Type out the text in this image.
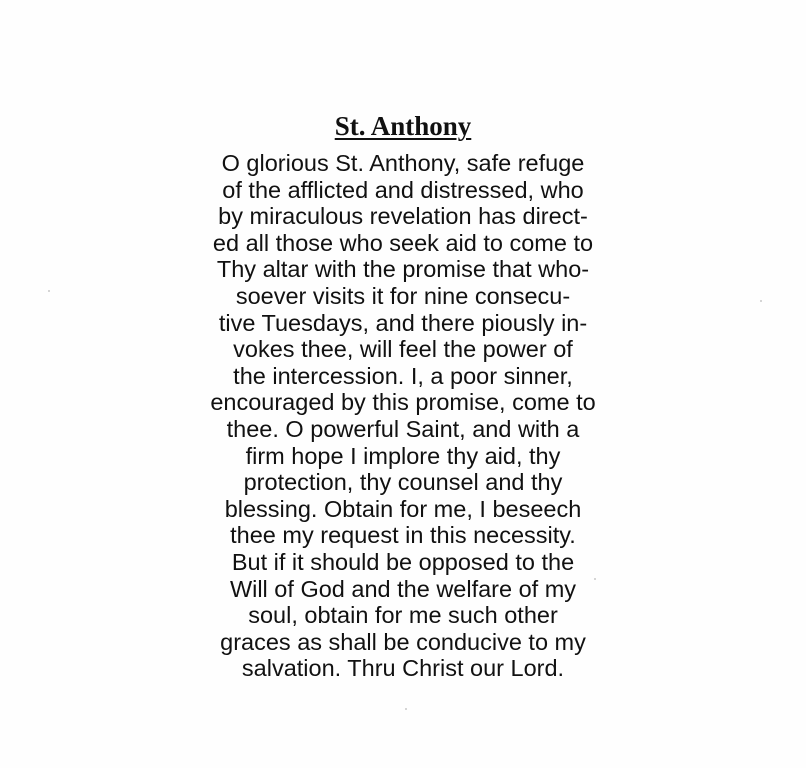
St. Anthony
O glorious St. Anthony, safe refuge
of the afflicted and distressed, who
by miraculous revelation has direct-
ed all those who seek aid to come to
Thy altar with the promise that who-
soever visits it for nine consecu-
tive Tuesdays, and there piously in-
vokes thee, will feel the power of
the intercession. I, a poor sinner,
encouraged by this promise, come to
thee. O powerful Saint, and with a
firm hope I implore thy aid, thy
protection, thy counsel and thy
blessing. Obtain for me, I beseech
thee my request in this necessity.
But if it should be opposed to the
Will of God and the welfare of my
soul, obtain for me such other
graces as shall be conducive to my
salvation. Thru Christ our Lord.
